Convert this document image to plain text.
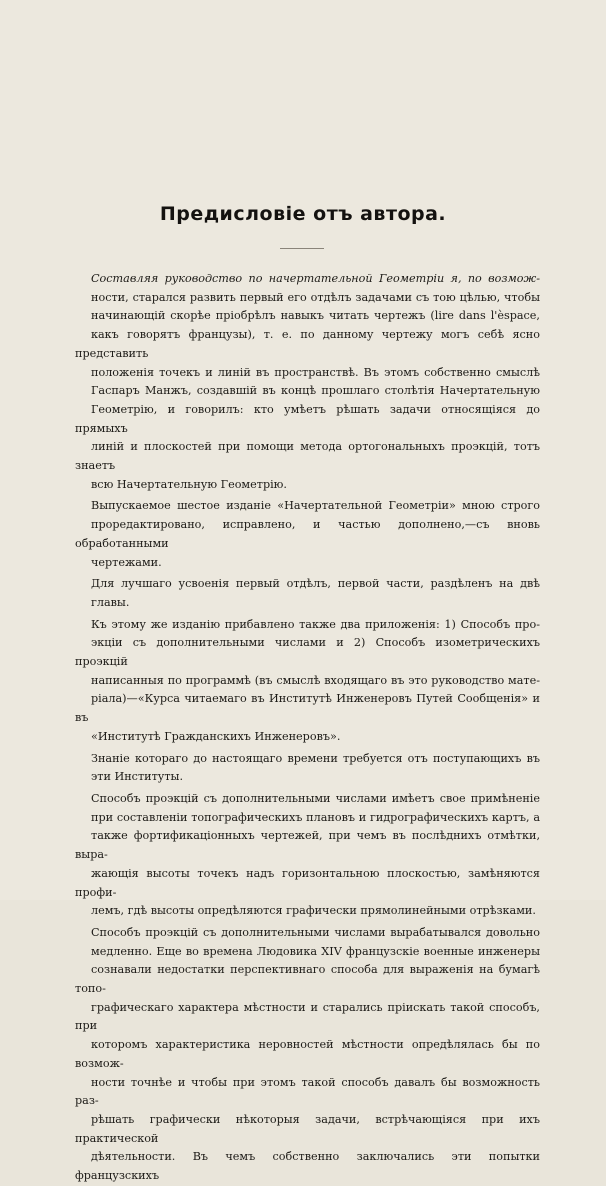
Предисловіе отъ автора.

Составляя руководство по начертательной Геометріи я, по возмож-
ности, старался развить первый его отдѣлъ задачами съ тою цѣлью, чтобы
начинающій скорѣе пріобрѣлъ навыкъ читать чертежъ (lire dans l'èspace,
какъ говорятъ французы), т. е. по данному чертежу могъ себѣ ясно представить
положенія точекъ и линій въ пространствѣ. Въ этомъ собственно смыслѣ
Гаспаръ Манжъ, создавшій въ концѣ прошлаго столѣтія Начертательную
Геометрію, и говорилъ: кто умѣетъ рѣшать задачи относящіяся до прямыхъ
линій и плоскостей при помощи метода ортогональныхъ проэкцій, тотъ знаетъ
всю Начертательную Геометрію.

Выпускаемое шестое изданіе «Начертательной Геометріи» мною строго
проредактировано, исправлено, и частью дополнено,—съ вновь обработанными
чертежами.

Для лучшаго усвоенія первый отдѣлъ, первой части, раздѣленъ на двѣ
главы.

Къ этому же изданію прибавлено также два приложенія: 1) Способъ про-
экціи съ дополнительными числами и 2) Способъ изометрическихъ проэкцій
написанныя по программѣ (въ смыслѣ входящаго въ это руководство мате-
ріала)—«Курса читаемаго въ Институтѣ Инженеровъ Путей Сообщенія» и въ
«Институтѣ Гражданскихъ Инженеровъ».

Знаніе котораго до настоящаго времени требуется отъ поступающихъ въ
эти Институты.

Способъ проэкцій съ дополнительными числами имѣетъ свое примѣненіе
при составленіи топографическихъ плановъ и гидрографическихъ картъ, а
также фортификаціонныхъ чертежей, при чемъ въ послѣднихъ отмѣтки, выра-
жающія высоты точекъ надъ горизонтальною плоскостью, замѣняются профи-
лемъ, гдѣ высоты опредѣляются графически прямолинейными отрѣзками.

Способъ проэкцій съ дополнительными числами вырабатывался довольно
медленно. Еще во времена Людовика XIV французскіе военные инженеры
сознавали недостатки перспективнаго способа для выраженія на бумагѣ топо-
графическаго характера мѣстности и старались пріискать такой способъ, при
которомъ характеристика неровностей мѣстности опредѣлялась бы по возмож-
ности точнѣе и чтобы при этомъ такой способъ давалъ бы возможность раз-
рѣшать графически нѣкоторыя задачи, встрѣчающіяся при ихъ практической
дѣятельности. Въ чемъ собственно заключались эти попытки французскихъ
